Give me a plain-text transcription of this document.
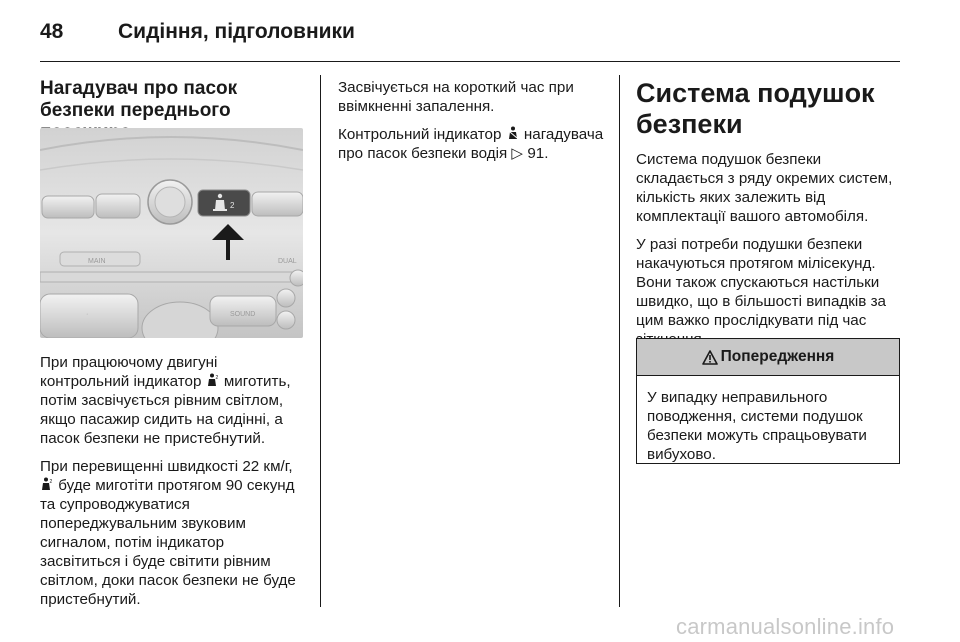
48	Сидіння, підголовники
Нагадувач про пасок безпеки переднього
2
MAIN	DUAL
·	SOUND

При працюючому двигуні контрольний індикатор	2 миготить, потім засвічується рівним світлом, якщо пасажир сидить на сидінні, а пасок безпеки не пристебнутий.

При перевищенні швидкості 22 км/г,
2 буде миготіти протягом 90 секунд та супроводжуватися попереджувальним звуковим сигналом, потім індикатор засвітиться і буде світити рівним світлом, доки пасок безпеки не буде пристебнутий.

Засвічується на короткий час при ввімкненні запалення.

Контрольний індикатор нагадувача про пасок безпеки водія ▷ 91.

Система подушок безпеки

Система подушок безпеки складається з ряду окремих систем, кількість яких залежить від комплектації вашого автомобіля.

У разі потреби подушки безпеки накачуються протягом мілісекунд. Вони також спускаються настільки швидко, що в більшості випадків за цим важко прослідкувати під час

Попередження
У випадку неправильного поводження, системи подушок безпеки можуть спрацьовувати вибухово.
carmanualsonline.info
